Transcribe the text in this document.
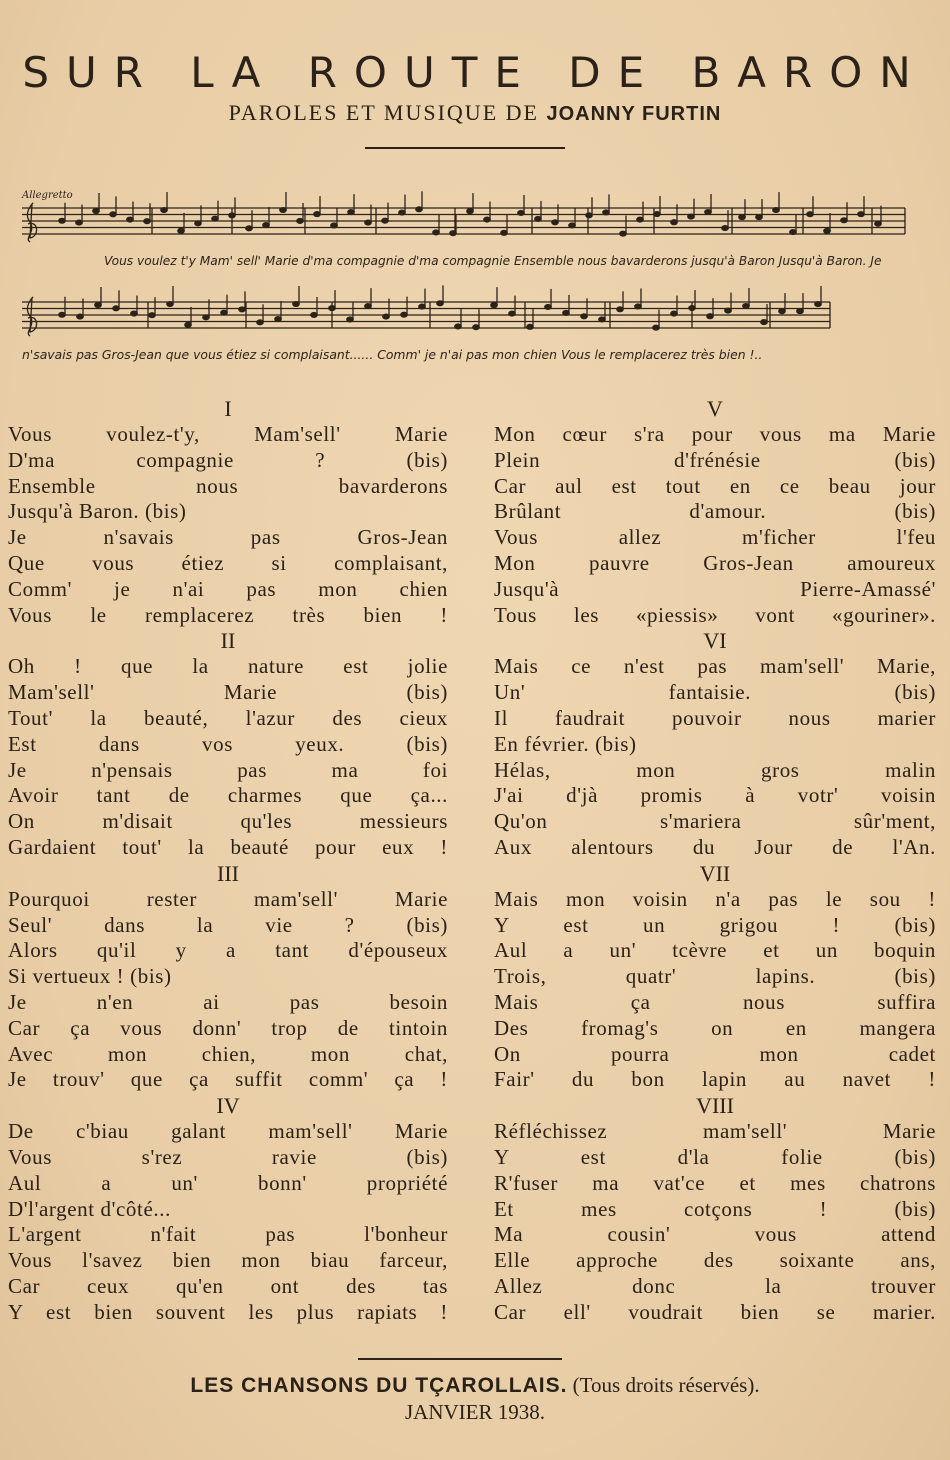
SUR LA ROUTE DE BARON
PAROLES ET MUSIQUE DE JOANNY FURTIN
Allegretto
Vous voulez t'y Mam' sell' Marie d'ma compagnie d'ma compagnie Ensemble nous bavarderons jusqu'à Baron Jusqu'à Baron. Je
n'savais pas Gros-Jean que vous étiez si complaisant...... Comm' je n'ai pas mon chien Vous le remplacerez très bien !..
I
Vous voulez-t'y, Mam'sell' Marie
D'ma compagnie ? (bis)
Ensemble nous bavarderons
Jusqu'à Baron. (bis)
Je n'savais pas Gros-Jean
Que vous étiez si complaisant,
Comm' je n'ai pas mon chien
Vous le remplacerez très bien !
II
Oh ! que la nature est jolie
Mam'sell' Marie (bis)
Tout' la beauté, l'azur des cieux
Est dans vos yeux. (bis)
Je n'pensais pas ma foi
Avoir tant de charmes que ça...
On m'disait qu'les messieurs
Gardaient tout' la beauté pour eux !
III
Pourquoi rester mam'sell' Marie
Seul' dans la vie ? (bis)
Alors qu'il y a tant d'épouseux
Si vertueux ! (bis)
Je n'en ai pas besoin
Car ça vous donn' trop de tintoin
Avec mon chien, mon chat,
Je trouv' que ça suffit comm' ça !
IV
De c'biau galant mam'sell' Marie
Vous s'rez ravie (bis)
Aul a un' bonn' propriété
D'l'argent d'côté...
L'argent n'fait pas l'bonheur
Vous l'savez bien mon biau farceur,
Car ceux qu'en ont des tas
Y est bien souvent les plus rapiats !
V
Mon cœur s'ra pour vous ma Marie
Plein d'frénésie (bis)
Car aul est tout en ce beau jour
Brûlant d'amour. (bis)
Vous allez m'ficher l'feu
Mon pauvre Gros-Jean amoureux
Jusqu'à Pierre-Amassé'
Tous les «piessis» vont «gouriner».
VI
Mais ce n'est pas mam'sell' Marie,
Un' fantaisie. (bis)
Il faudrait pouvoir nous marier
En février. (bis)
Hélas, mon gros malin
J'ai d'jà promis à votr' voisin
Qu'on s'mariera sûr'ment,
Aux alentours du Jour de l'An.
VII
Mais mon voisin n'a pas le sou !
Y est un grigou ! (bis)
Aul a un' tcèvre et un boquin
Trois, quatr' lapins. (bis)
Mais ça nous suffira
Des fromag's on en mangera
On pourra mon cadet
Fair' du bon lapin au navet !
VIII
Réfléchissez mam'sell' Marie
Y est d'la folie (bis)
R'fuser ma vat'ce et mes chatrons
Et mes cotçons ! (bis)
Ma cousin' vous attend
Elle approche des soixante ans,
Allez donc la trouver
Car ell' voudrait bien se marier.
LES CHANSONS DU TÇAROLLAIS. (Tous droits réservés).
JANVIER 1938.
